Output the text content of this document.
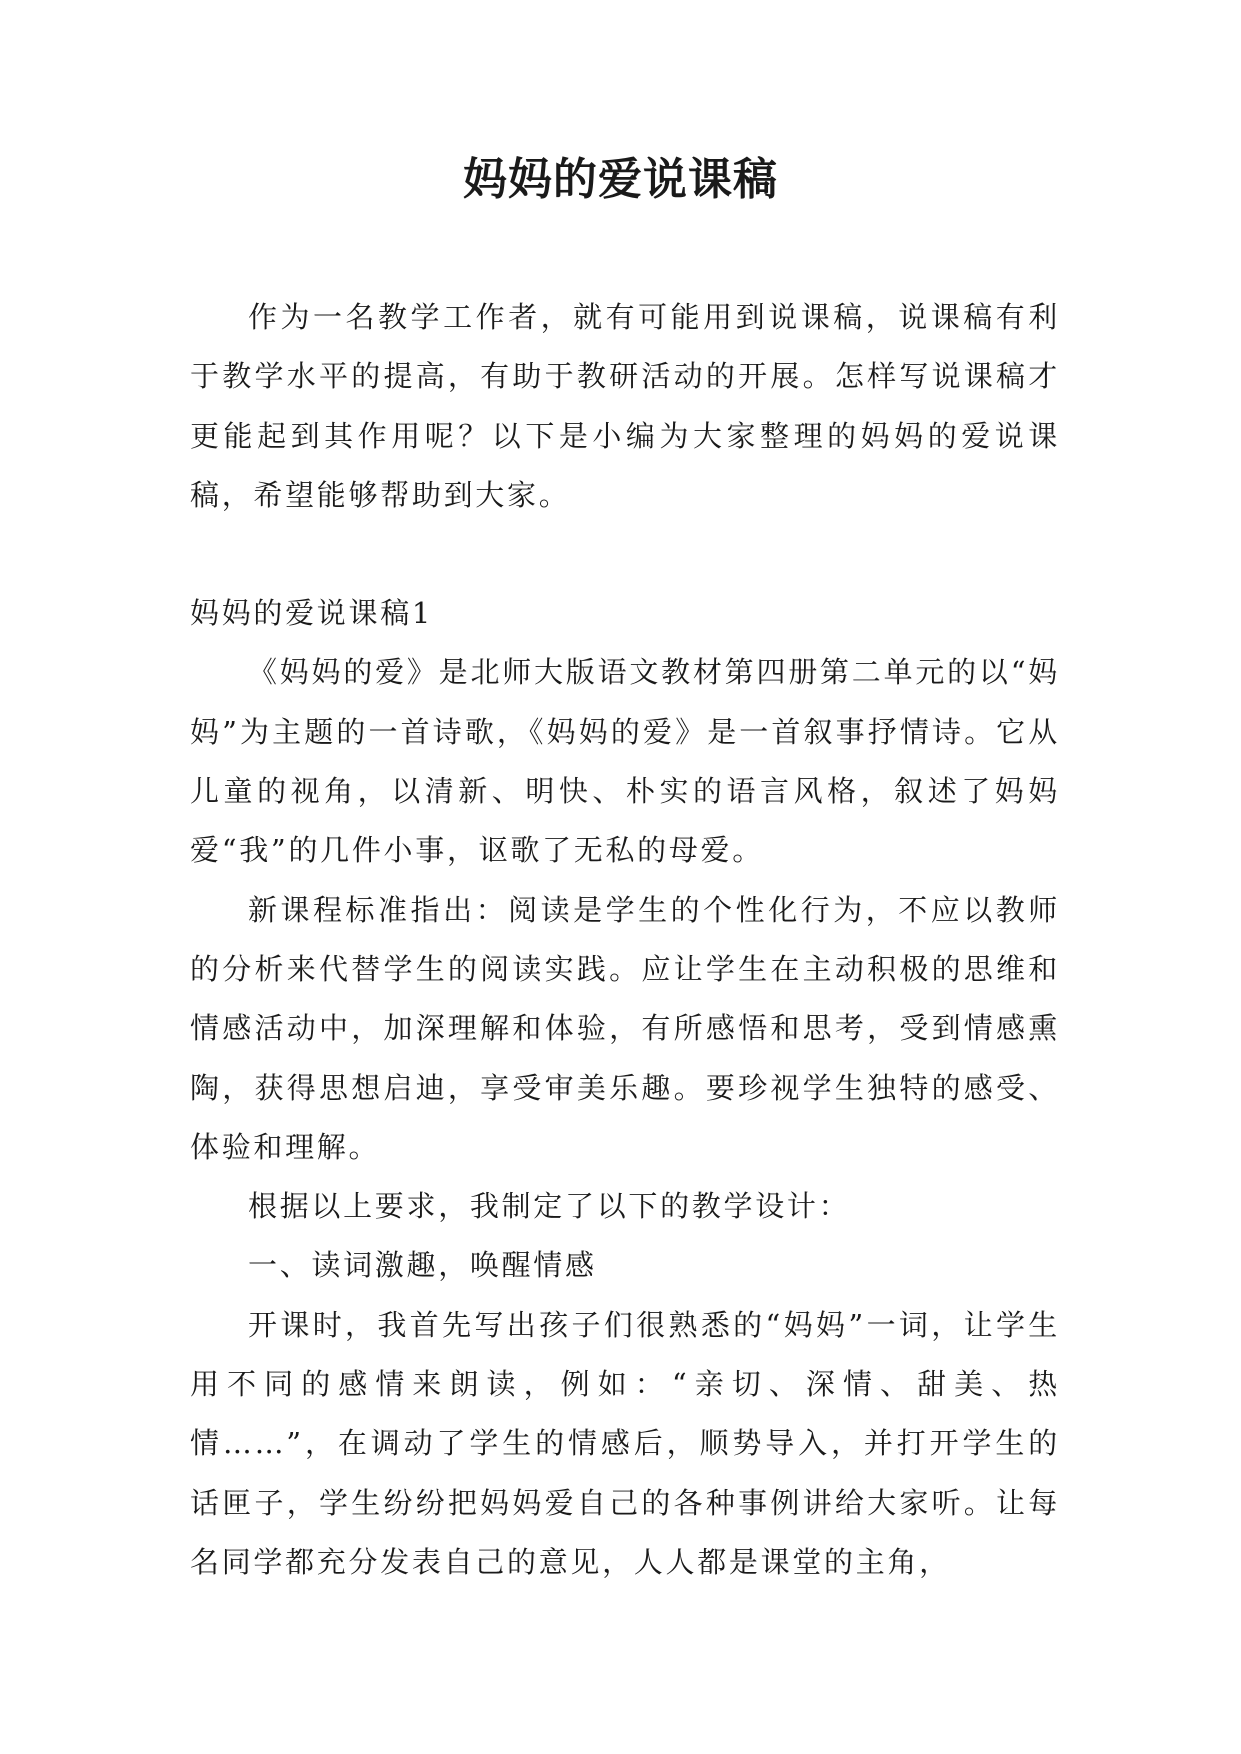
妈妈的爱说课稿

作为一名教学工作者，就有可能用到说课稿，说课稿有利于教学水平的提高，有助于教研活动的开展。怎样写说课稿才更能起到其作用呢？以下是小编为大家整理的妈妈的爱说课稿，希望能够帮助到大家。

妈妈的爱说课稿1

《妈妈的爱》是北师大版语文教材第四册第二单元的以“妈妈”为主题的一首诗歌，《妈妈的爱》是一首叙事抒情诗。它从儿童的视角，以清新、明快、朴实的语言风格，叙述了妈妈爱“我”的几件小事，讴歌了无私的母爱。

新课程标准指出：阅读是学生的个性化行为，不应以教师的分析来代替学生的阅读实践。应让学生在主动积极的思维和情感活动中，加深理解和体验，有所感悟和思考，受到情感熏陶，获得思想启迪，享受审美乐趣。要珍视学生独特的感受、体验和理解。

根据以上要求，我制定了以下的教学设计：

一、读词激趣，唤醒情感

开课时，我首先写出孩子们很熟悉的“妈妈”一词，让学生用不同的感情来朗读，例如：“亲切、深情、甜美、热情……”，在调动了学生的情感后，顺势导入，并打开学生的话匣子，学生纷纷把妈妈爱自己的各种事例讲给大家听。让每名同学都充分发表自己的意见，人人都是课堂的主角，
